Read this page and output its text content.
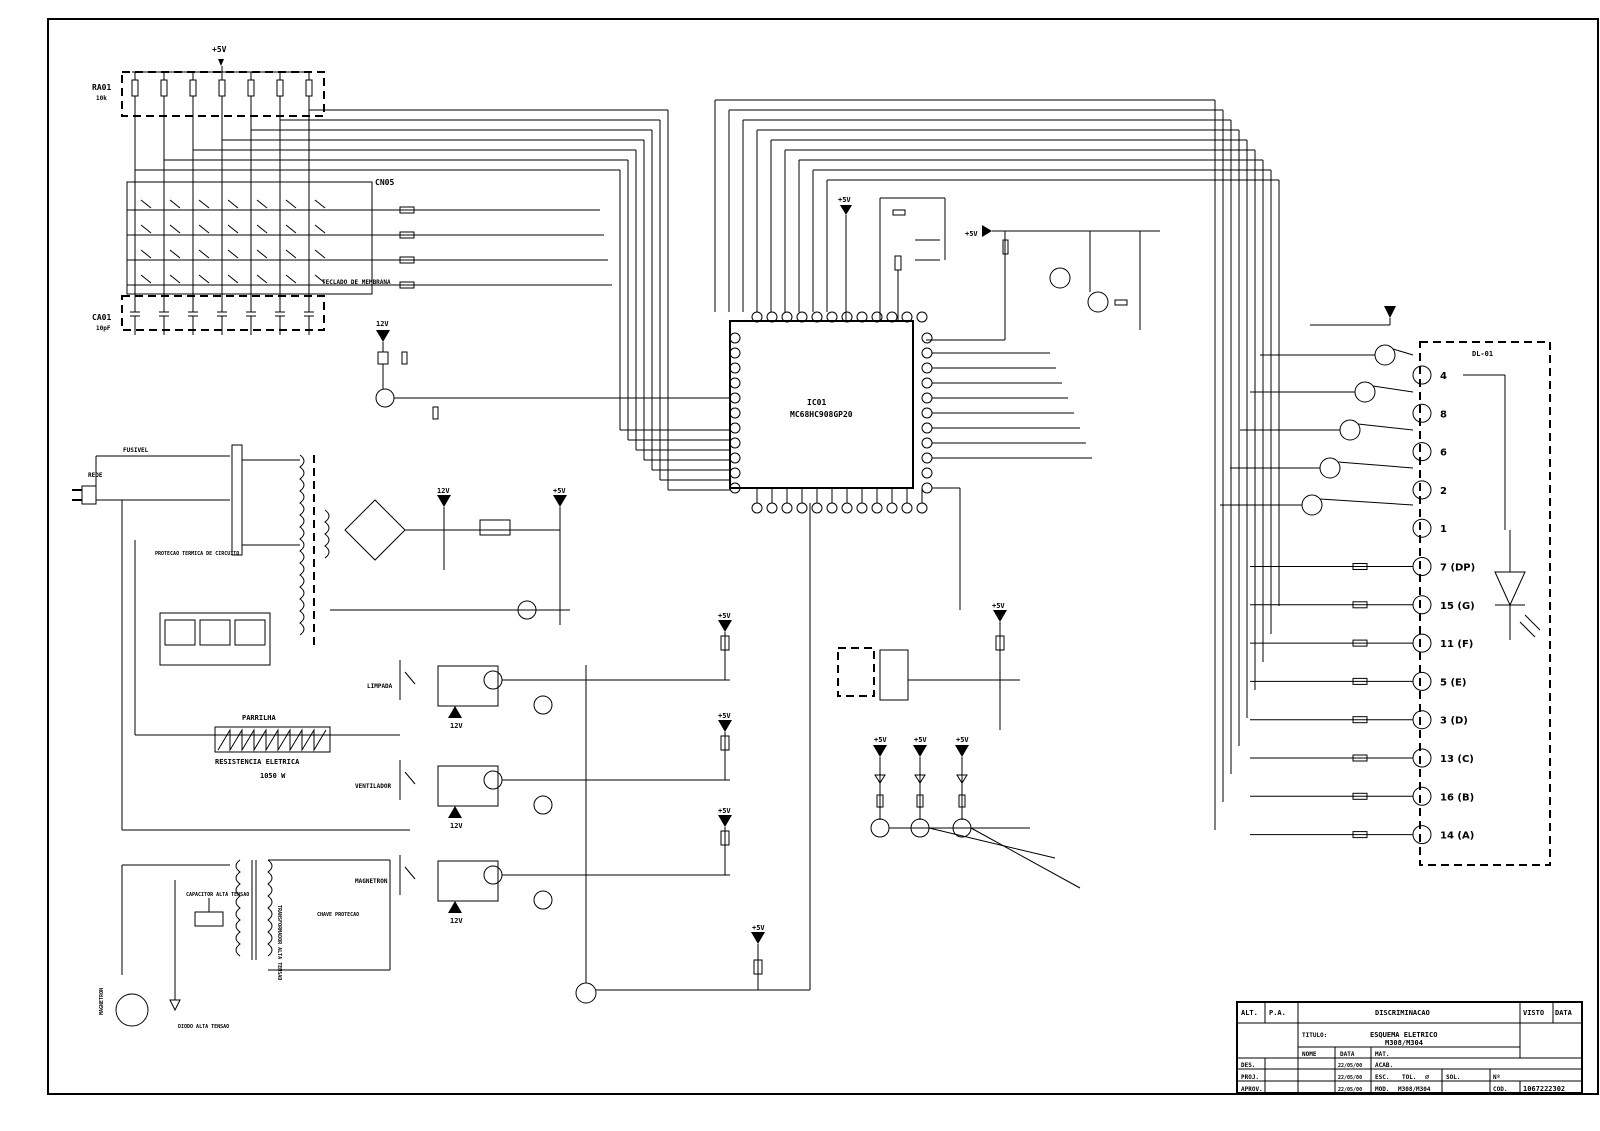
RA01
10k
+5V
CN05
TECLADO DE MEMBRANA
CA01
10pF
IC01
MC68HC908GP20
+5V
+5V
DL-01
4
8
6
2
1
7 (DP)
15 (G)
11 (F)
5 (E)
3 (D)
13 (C)
16 (B)
14 (A)
12V
REDE
FUSIVEL
PROTECAO TERMICA DE CIRCUITO
12V	+5V
PARRILHA
RESISTENCIA ELETRICA
1050 W
LIMPADA
12V
+5V
VENTILADOR
12V
+5V
MAGNETRON
12V
+5V
CAPACITOR ALTA TENSAO
TRANSFORMADOR ALTA TENSAO	CHAVE PROTECAO
MAGNETRON
DIODO ALTA TENSAO
+5V
+5V	+5V	+5V
+5V
ALT. P.A.	DISCRIMINACAO	VISTO DATA
TITULO:	ESQUEMA ELETRICO
M308/M304
NOME	DATA	MAT.
DES.	22/05/00 ACAB.
PROJ.	22/05/00 ESC. TOL. ∅	SOL.	Nº
APROV.	22/05/00 MOD. M308/M304	COD. 1067222302
